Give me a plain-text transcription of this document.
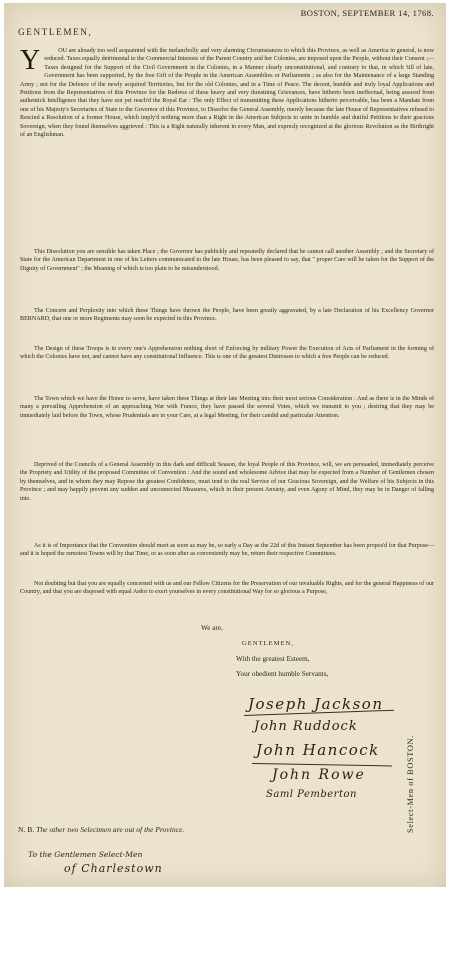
BOSTON, SEPTEMBER 14, 1768.
GENTLEMEN,

Y	OU are already too well acquainted with the melancholly and very alarming Circumstances to which this Province, as well as America in general, is now reduced. Taxes equally detrimental to the Commercial Interests of the Parent Country and her Colonies, are imposed upon the People, without their Consent ;—Taxes designed for the Support of the Civil Government in the Colonies, in a Manner clearly unconstitutional, and contrary to that, in which 'till of late, Government has been supported, by the free Gift of the People in the American Assemblies or Parliaments ; as also for the Maintenance of a large Standing Army ; not for the Defence of the newly acquired Territories, but for the old Colonies, and in a Time of Peace. The decent, humble and truly loyal Applications and Petitions from the Representatives of this Province for the Redress of these heavy and very threatning Grievances, have hitherto been ineffectual, being assured from authentick Intelligence that they have not yet reach'd the Royal Ear : The only Effect of transmitting these Applications hitherto perceivable, has been a Mandate from one of his Majesty's Secretaries of State to the Governor of this Province, to Dissolve the General Assembly, merely because the late House of Representatives refused to Rescind a Resolution of a former House, which imply'd nothing more than a Right in the American Subjects to unite in humble and dutiful Petitions to their gracious Sovereign, when they found themselves aggrieved : This is a Right naturally inherent in every Man, and expresly recognized at the glorious Revolution as the Birthright of an Englishman.

This Dissolution you are sensible has taken Place ; the Governor has publickly and repeatedly declared that he cannot call another Assembly ; and the Secretary of State for the American Department in one of his Letters communicated to the late House, has been pleased to say, that " proper Care will be taken for the Support of the Dignity of Government" ; the Meaning of which is too plain to be misunderstood.

The Concern and Perplexity into which these Things have thrown the People, have been greatly aggravated, by a late Declaration of his Excellency Governor BERNARD, that one or more Regiments may soon be expected in this Province.

The Design of these Troops is in every one's Apprehension nothing short of Enforcing by military Power the Execution of Acts of Parliament in the forming of which the Colonies have not, and cannot have any constitutional Influence. This is one of the greatest Distresses to which a free People can be reduced.

The Town which we have the Honor to serve, have taken these Things at their late Meeting into their most serious Consideration : And as there is in the Minds of many a prevailing Apprehension of an approaching War with France, they have passed the several Votes, which we transmit to you ; desiring that they may be immediately laid before the Town, whose Prudentials are in your Care, at a legal Meeting, for their candid and particular Attention.

Deprived of the Councils of a General Assembly in this dark and difficult Season, the loyal People of this Province, will, we are persuaded, immediately perceive the Propriety and Utility of the proposed Committee of Convention : And the sound and wholesome Advice that may be expected from a Number of Gentlemen chosen by themselves, and in whom they may Repose the greatest Confidence, must tend to the real Service of our Gracious Sovereign, and the Welfare of his Subjects in this Province ; and may happily prevent any sudden and unconnected Measures, which in their present Anxiety, and even Agony of Mind, they may be in Danger of falling into.

As it is of Importance that the Convention should meet as soon as may be, so early a Day as the 22d of this Instant September has been propos'd for that Purpose—and it is hoped the remotest Towns will by that Time, or as soon after as conveniently may be, return their respective Committees.

Not doubting but that you are equally concerned with us and our Fellow Citizens for the Preservation of our invaluable Rights, and for the general Happiness of our Country, and that you are disposed with equal Ardor to exert yourselves in every constitutional Way for so glorious a Purpose,

We are,
GENTLEMEN,
With the greatest Esteem,
Your obedient humble Servants,
Joseph Jackson
John Ruddock
John Hancock
John Rowe
Saml Pemberton	Select-Men of BOSTON.
N. B. The other two Selectmen are out of the Province.
To the Gentlemen Select-Men
of Charlestown
